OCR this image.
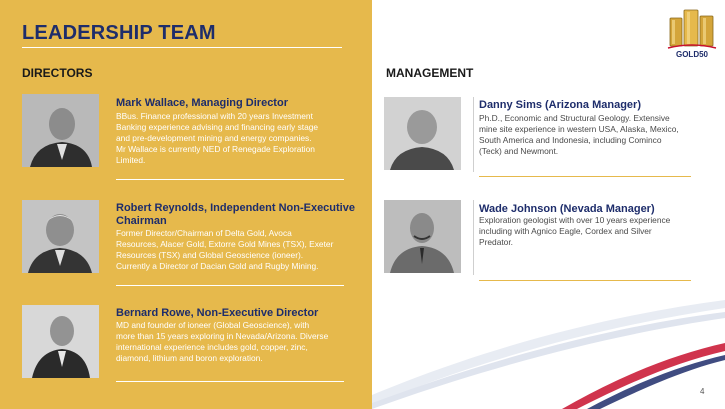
LEADERSHIP TEAM
GOLD50
DIRECTORS	MANAGEMENT
Mark Wallace, Managing Director
BBus. Finance professional with 20 years Investment
Banking experience advising and financing early stage
and pre-development mining and energy companies.
Mr Wallace is currently NED of Renegade Exploration
Limited.
Robert Reynolds, Independent Non-Executive
Chairman
Former Director/Chairman of Delta Gold, Avoca
Resources, Alacer Gold, Extorre Gold Mines (TSX), Exeter
Resources (TSX) and Global Geoscience (ioneer).
Currently a Director of Dacian Gold and Rugby Mining.
Bernard Rowe, Non-Executive Director
MD and founder of ioneer (Global Geoscience), with
more than 15 years exploring in Nevada/Arizona. Diverse
international experience includes gold, copper, zinc,
diamond, lithium and boron exploration.
Danny Sims (Arizona Manager)
Ph.D., Economic and Structural Geology. Extensive
mine site experience in western USA, Alaska, Mexico,
South America and Indonesia, including Cominco
(Teck) and Newmont.
Wade Johnson (Nevada Manager)
Exploration geologist with over 10 years experience
including with Agnico Eagle, Cordex and Silver
Predator.
4
